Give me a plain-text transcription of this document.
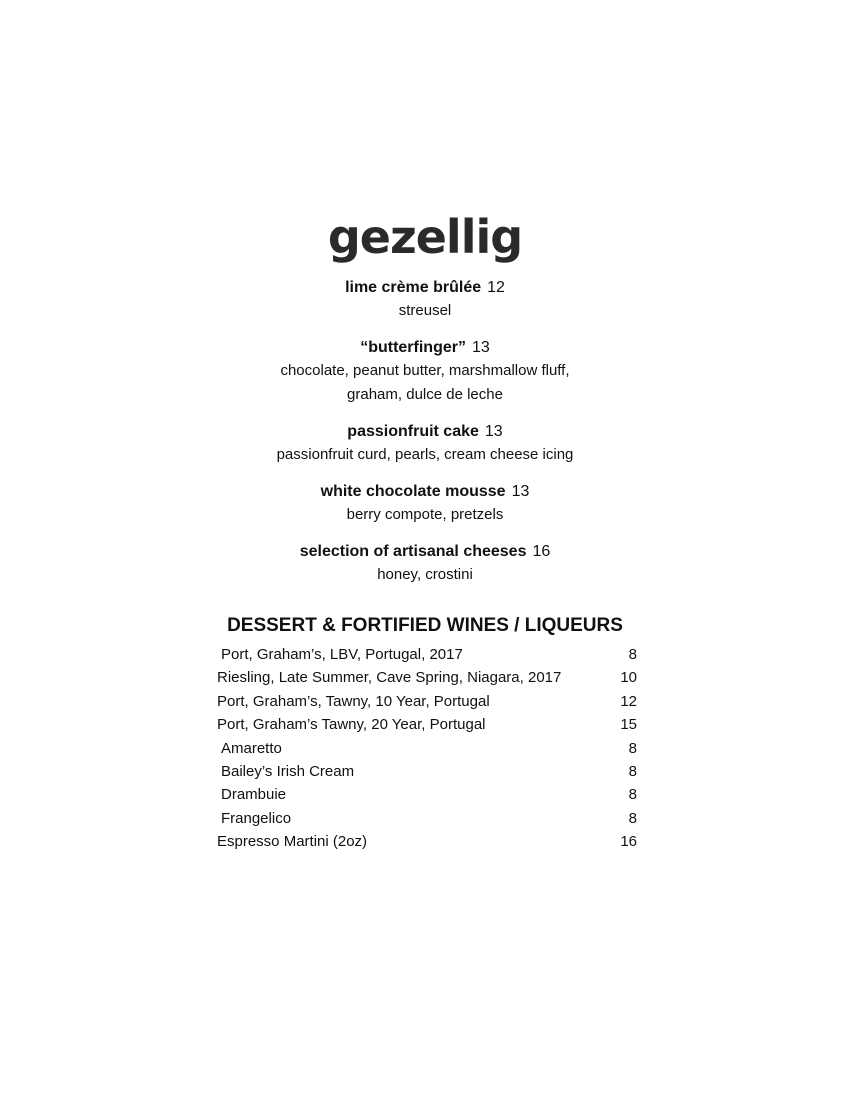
gezellig
lime crème brûlée 12
streusel
“butterfinger” 13
chocolate, peanut butter, marshmallow fluff,
graham, dulce de leche
passionfruit cake 13
passionfruit curd, pearls, cream cheese icing
white chocolate mousse 13
berry compote, pretzels
selection of artisanal cheeses 16
honey, crostini
DESSERT & FORTIFIED WINES / LIQUEURS
Port, Graham’s, LBV, Portugal, 2017	8
Riesling, Late Summer, Cave Spring, Niagara, 2017	10
Port, Graham’s, Tawny, 10 Year, Portugal	12
Port, Graham’s Tawny, 20 Year, Portugal	15
Amaretto	8
Bailey’s Irish Cream	8
Drambuie	8
Frangelico	8
Espresso Martini (2oz)	16
